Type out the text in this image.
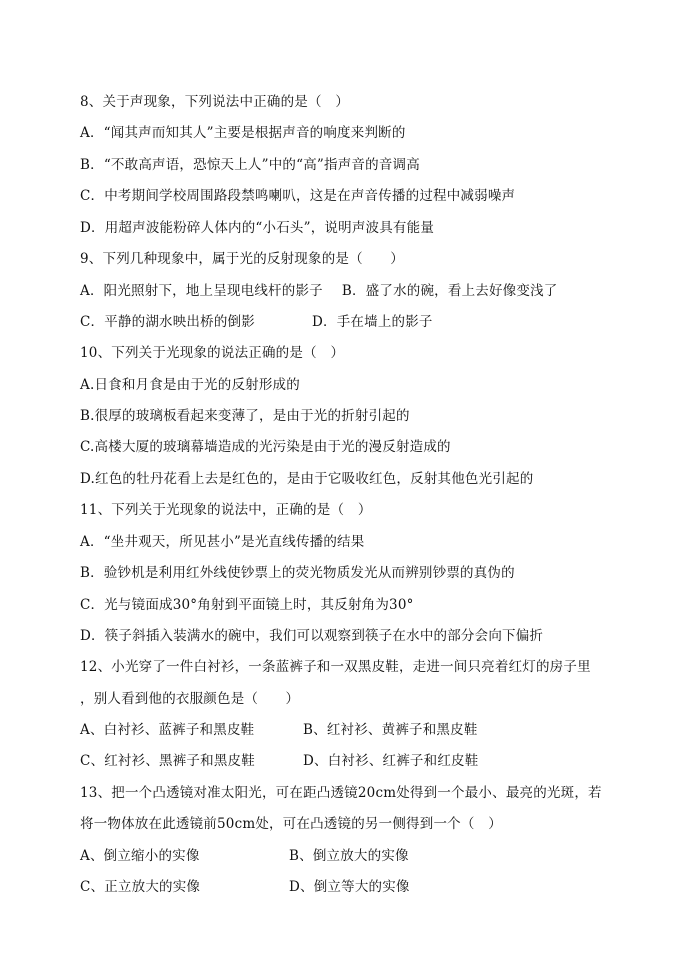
8、关于声现象，下列说法中正确的是（　）
A．“闻其声而知其人”主要是根据声音的响度来判断的
B．“不敢高声语，恐惊天上人”中的“高”指声音的音调高
C．中考期间学校周围路段禁鸣喇叭，这是在声音传播的过程中减弱噪声
D．用超声波能粉碎人体内的“小石头”，说明声波具有能量
9、下列几种现象中，属于光的反射现象的是（　　）
A．阳光照射下，地上呈现电线杆的影子 B．盛了水的碗，看上去好像变浅了
C．平静的湖水映出桥的倒影	D．手在墙上的影子
10、下列关于光现象的说法正确的是（　）
A.日食和月食是由于光的反射形成的
B.很厚的玻璃板看起来变薄了，是由于光的折射引起的
C.高楼大厦的玻璃幕墙造成的光污染是由于光的漫反射造成的
D.红色的牡丹花看上去是红色的，是由于它吸收红色，反射其他色光引起的
11、下列关于光现象的说法中，正确的是（　）
A．“坐井观天，所见甚小”是光直线传播的结果
B．验钞机是利用红外线使钞票上的荧光物质发光从而辨别钞票的真伪的
C．光与镜面成30°角射到平面镜上时，其反射角为30°
D．筷子斜插入装满水的碗中，我们可以观察到筷子在水中的部分会向下偏折
12、小光穿了一件白衬衫，一条蓝裤子和一双黑皮鞋，走进一间只亮着红灯的房子里
，别人看到他的衣服颜色是（　　）
A、白衬衫、蓝裤子和黑皮鞋	B、红衬衫、黄裤子和黑皮鞋
C、红衬衫、黑裤子和黑皮鞋	D、白衬衫、红裤子和红皮鞋
13、把一个凸透镜对准太阳光，可在距凸透镜20cm处得到一个最小、最亮的光斑，若
将一物体放在此透镜前50cm处，可在凸透镜的另一侧得到一个（　）
A、倒立缩小的实像	B、倒立放大的实像
C、正立放大的实像	D、倒立等大的实像
